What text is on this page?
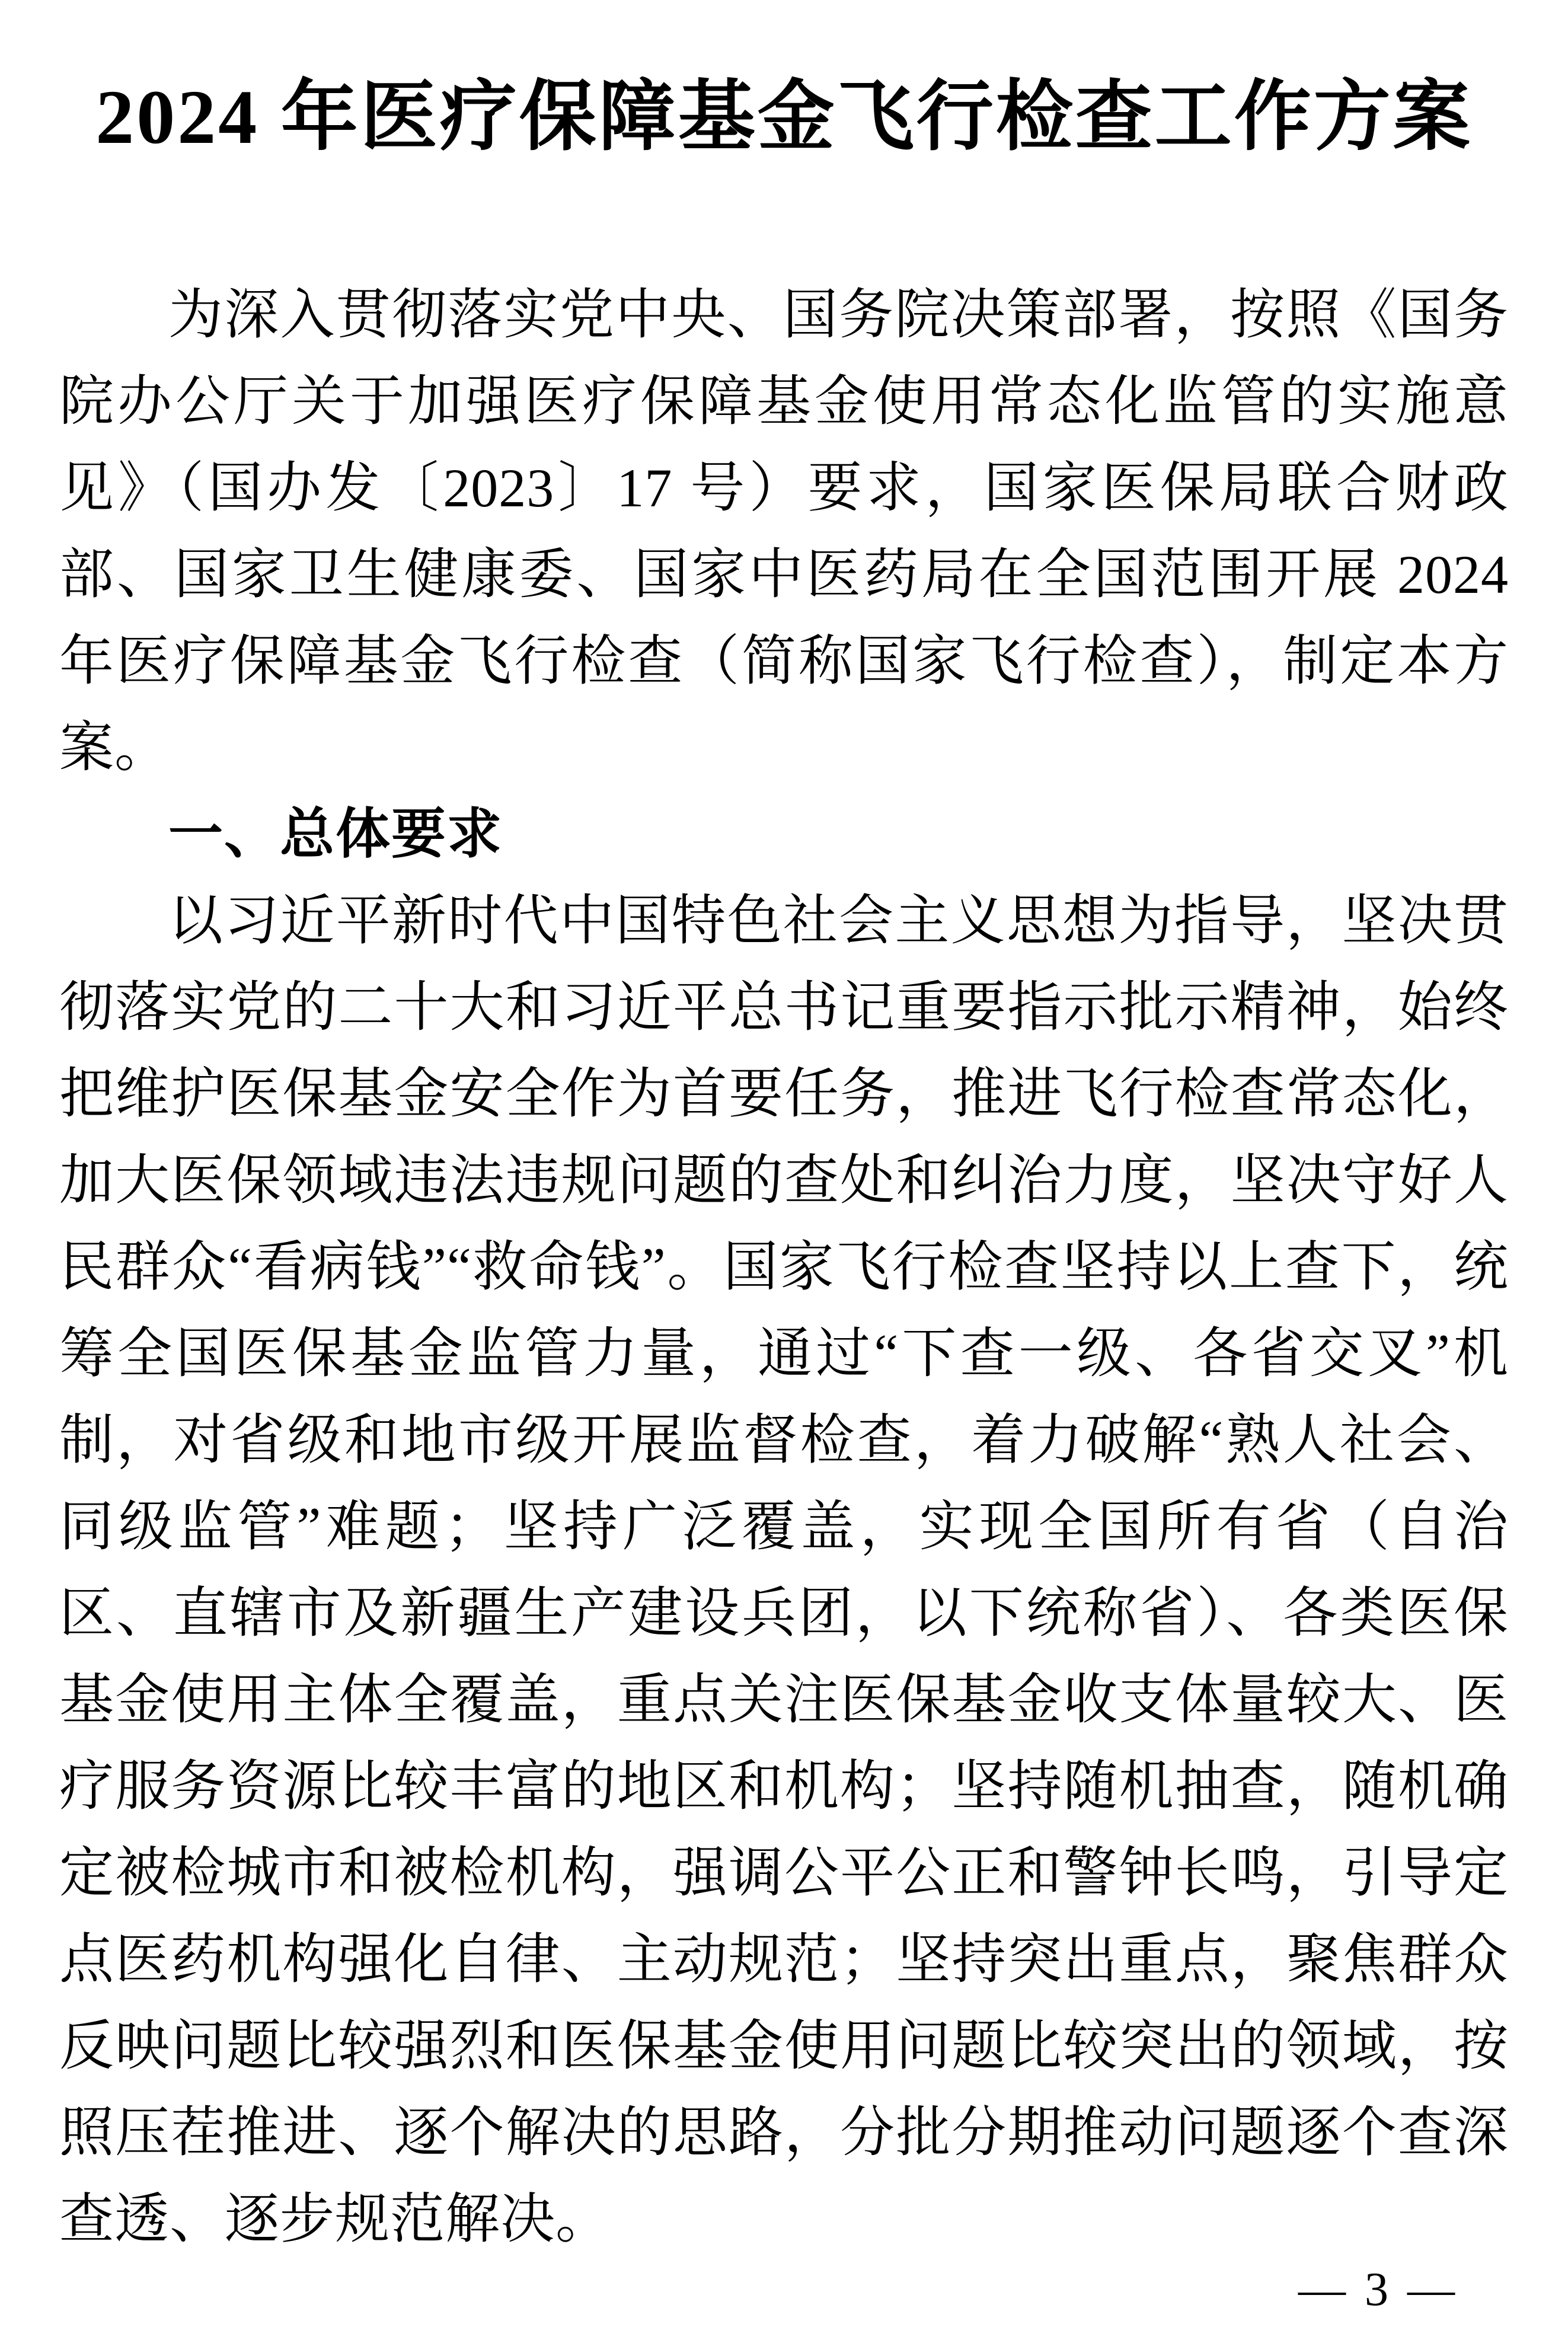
2024 年医疗保障基金飞行检查工作方案

为深入贯彻落实党中央、国务院决策部署，按照《国务院办公厅关于加强医疗保障基金使用常态化监管的实施意见》（国办发〔2023〕17 号）要求，国家医保局联合财政部、国家卫生健康委、国家中医药局在全国范围开展 2024 年医疗保障基金飞行检查（简称国家飞行检查），制定本方案。

一、总体要求

以习近平新时代中国特色社会主义思想为指导，坚决贯彻落实党的二十大和习近平总书记重要指示批示精神，始终把维护医保基金安全作为首要任务，推进飞行检查常态化，加大医保领域违法违规问题的查处和纠治力度，坚决守好人民群众“看病钱”“救命钱”。国家飞行检查坚持以上查下，统筹全国医保基金监管力量，通过“下查一级、各省交叉”机制，对省级和地市级开展监督检查，着力破解“熟人社会、同级监管”难题；坚持广泛覆盖，实现全国所有省（自治区、直辖市及新疆生产建设兵团，以下统称省）、各类医保基金使用主体全覆盖，重点关注医保基金收支体量较大、医疗服务资源比较丰富的地区和机构；坚持随机抽查，随机确定被检城市和被检机构，强调公平公正和警钟长鸣，引导定点医药机构强化自律、主动规范；坚持突出重点，聚焦群众反映问题比较强烈和医保基金使用问题比较突出的领域，按照压茬推进、逐个解决的思路，分批分期推动问题逐个查深查透、逐步规范解决。

— 3 —
